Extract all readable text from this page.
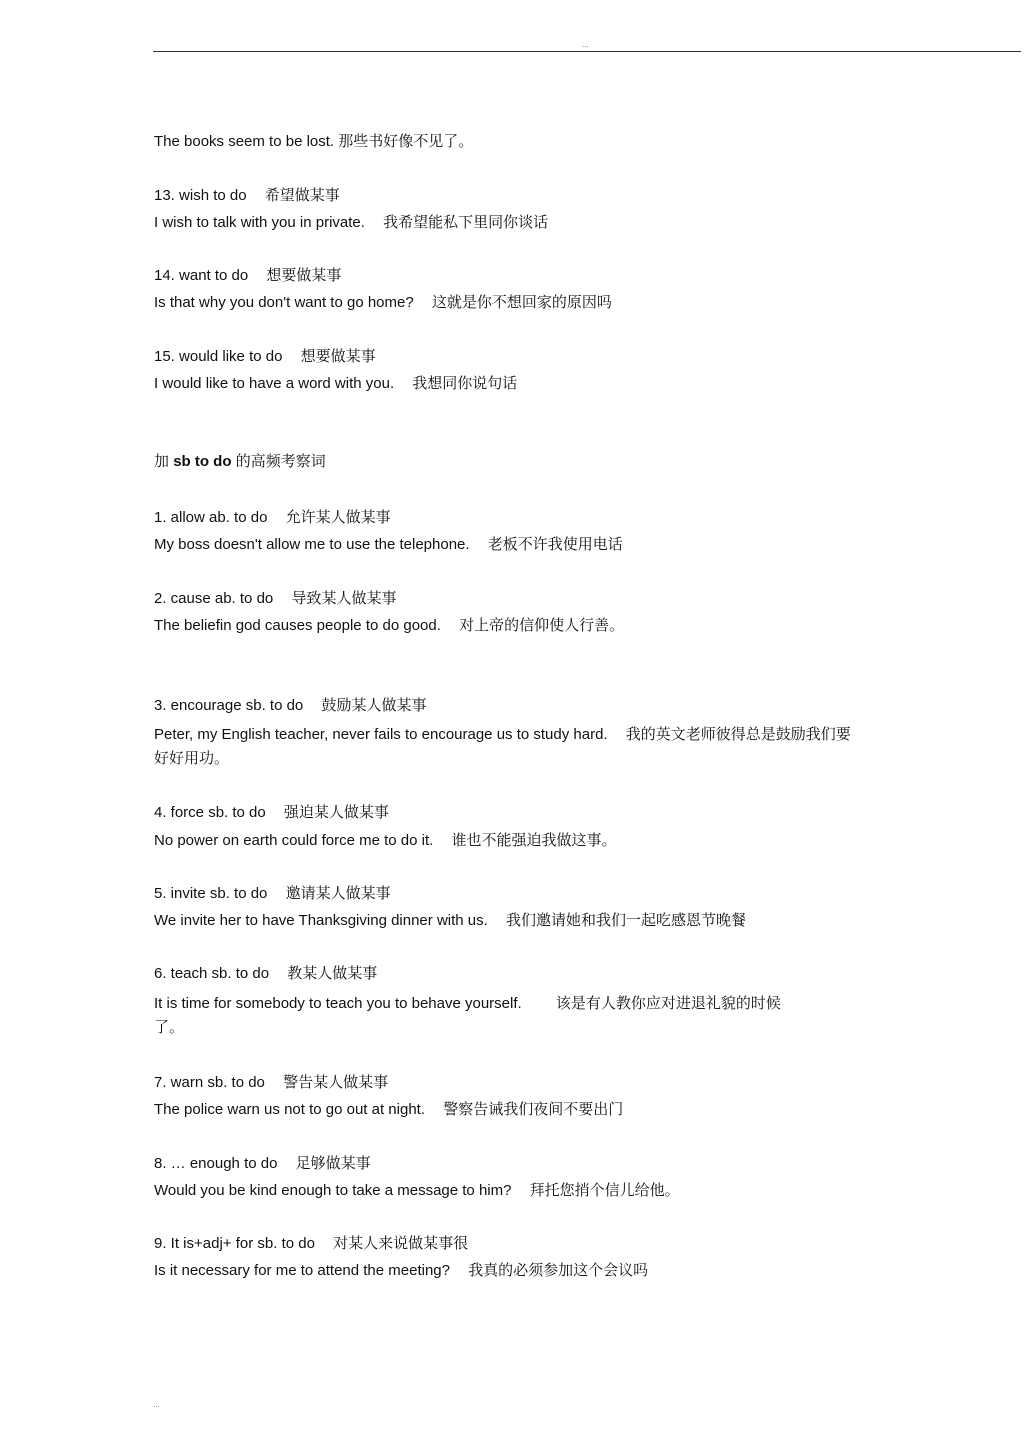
...
The books seem to be lost. 那些书好像不见了。
13. wish to do 希望做某事
I wish to talk with you in private. 我希望能私下里同你谈话
14. want to do 想要做某事
Is that why you don't want to go home? 这就是你不想回家的原因吗
15. would like to do 想要做某事
I would like to have a word with you. 我想同你说句话
加 sb to do 的高频考察词
1. allow ab. to do 允许某人做某事
My boss doesn't allow me to use the telephone. 老板不许我使用电话
2. cause ab. to do 导致某人做某事
The beliefin god causes people to do good. 对上帝的信仰使人行善。
3. encourage sb. to do 鼓励某人做某事
Peter, my English teacher, never fails to encourage us to study hard. 我的英文老师彼得总是鼓励我们要好好用功。
4. force sb. to do 强迫某人做某事
No power on earth could force me to do it. 谁也不能强迫我做这事。
5. invite sb. to do 邀请某人做某事
We invite her to have Thanksgiving dinner with us. 我们邀请她和我们一起吃感恩节晚餐
6. teach sb. to do 教某人做某事
It is time for somebody to teach you to behave yourself. 该是有人教你应对进退礼貌的时候了。
7. warn sb. to do 警告某人做某事
The police warn us not to go out at night. 警察告诫我们夜间不要出门
8. … enough to do 足够做某事
Would you be kind enough to take a message to him? 拜托您捎个信儿给他。
9. It is+adj+ for sb. to do 对某人来说做某事很
Is it necessary for me to attend the meeting? 我真的必须参加这个会议吗
...
